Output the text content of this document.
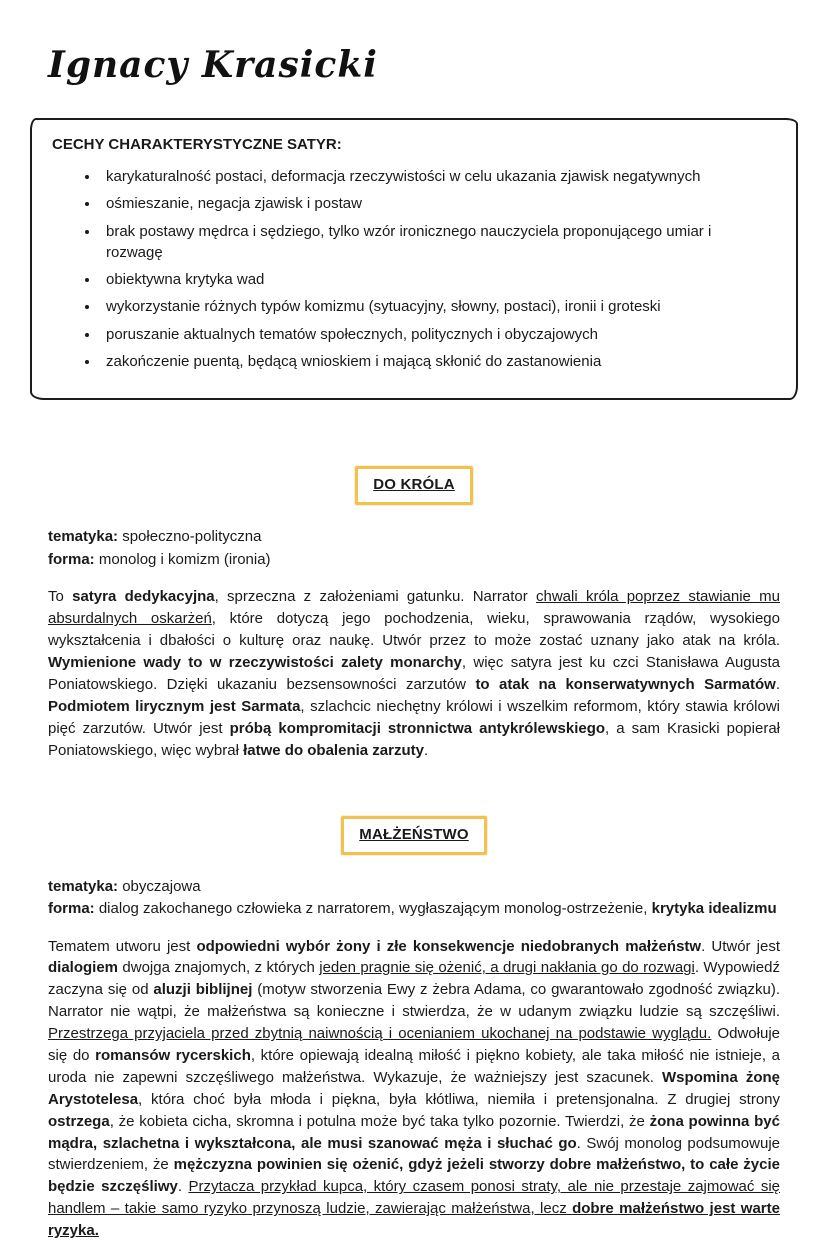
Ignacy Krasicki
CECHY CHARAKTERYSTYCZNE SATYR:
• karykaturalność postaci, deformacja rzeczywistości w celu ukazania zjawisk negatywnych
• ośmieszanie, negacja zjawisk i postaw
• brak postawy mędrca i sędziego, tylko wzór ironicznego nauczyciela proponującego umiar i rozwagę
• obiektywna krytyka wad
• wykorzystanie różnych typów komizmu (sytuacyjny, słowny, postaci), ironii i groteski
• poruszanie aktualnych tematów społecznych, politycznych i obyczajowych
• zakończenie puentą, będącą wnioskiem i mającą skłonić do zastanowienia
DO KRÓLA

tematyka: społeczno-polityczna

forma: monolog i komizm (ironia)

To satyra dedykacyjna, sprzeczna z założeniami gatunku. Narrator chwali króla poprzez stawianie mu absurdalnych oskarżeń, które dotyczą jego pochodzenia, wieku, sprawowania rządów, wysokiego wykształcenia i dbałości o kulturę oraz naukę. Utwór przez to może zostać uznany jako atak na króla. Wymienione wady to w rzeczywistości zalety monarchy, więc satyra jest ku czci Stanisława Augusta Poniatowskiego. Dzięki ukazaniu bezsensowności zarzutów to atak na konserwatywnych Sarmatów. Podmiotem lirycznym jest Sarmata, szlachcic niechętny królowi i wszelkim reformom, który stawia królowi pięć zarzutów. Utwór jest próbą kompromitacji stronnictwa antykrólewskiego, a sam Krasicki popierał Poniatowskiego, więc wybrał łatwe do obalenia zarzuty.

MAŁŻEŃSTWO

tematyka: obyczajowa

forma: dialog zakochanego człowieka z narratorem, wygłaszającym monolog-ostrzeżenie, krytyka idealizmu

Tematem utworu jest odpowiedni wybór żony i złe konsekwencje niedobranych małżeństw. Utwór jest dialogiem dwojga znajomych, z których jeden pragnie się ożenić, a drugi nakłania go do rozwagi. Wypowiedź zaczyna się od aluzji biblijnej (motyw stworzenia Ewy z żebra Adama, co gwarantowało zgodność związku). Narrator nie wątpi, że małżeństwa są konieczne i stwierdza, że w udanym związku ludzie są szczęśliwi. Przestrzega przyjaciela przed zbytnią naiwnością i ocenianiem ukochanej na podstawie wyglądu. Odwołuje się do romansów rycerskich, które opiewają idealną miłość i piękno kobiety, ale taka miłość nie istnieje, a uroda nie zapewni szczęśliwego małżeństwa. Wykazuje, że ważniejszy jest szacunek. Wspomina żonę Arystotelesa, która choć była młoda i piękna, była kłótliwa, niemiła i pretensjonalna. Z drugiej strony ostrzega, że kobieta cicha, skromna i potulna może być taka tylko pozornie. Twierdzi, że żona powinna być mądra, szlachetna i wykształcona, ale musi szanować męża i słuchać go. Swój monolog podsumowuje stwierdzeniem, że mężczyzna powinien się ożenić, gdyż jeżeli stworzy dobre małżeństwo, to całe życie będzie szczęśliwy. Przytacza przykład kupca, który czasem ponosi straty, ale nie przestaje zajmować się handlem – takie samo ryzyko przynoszą ludzie, zawierając małżeństwa, lecz dobre małżeństwo jest warte ryzyka.
